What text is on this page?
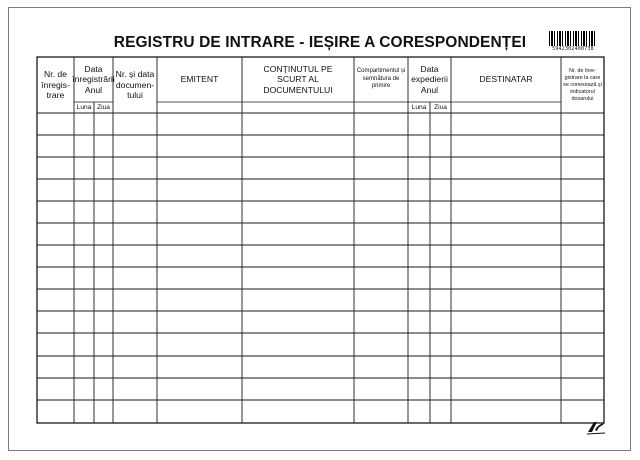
REGISTRU DE INTRARE - IEȘIRE A CORESPONDENȚEI	5942302400738
Nr. de înregis-trare
Data înregistrării Anul
Luna Ziua
Nr. și data documen-tului
EMITENT
CONȚINUTUL PE SCURT AL DOCUMENTULUI
Compartimentul și semnătura de primire
Data expedierii Anul
Luna	Ziua
DESTINATAR
Nr. de înre-gistrare la care se conexează și indicatorul dosarului
